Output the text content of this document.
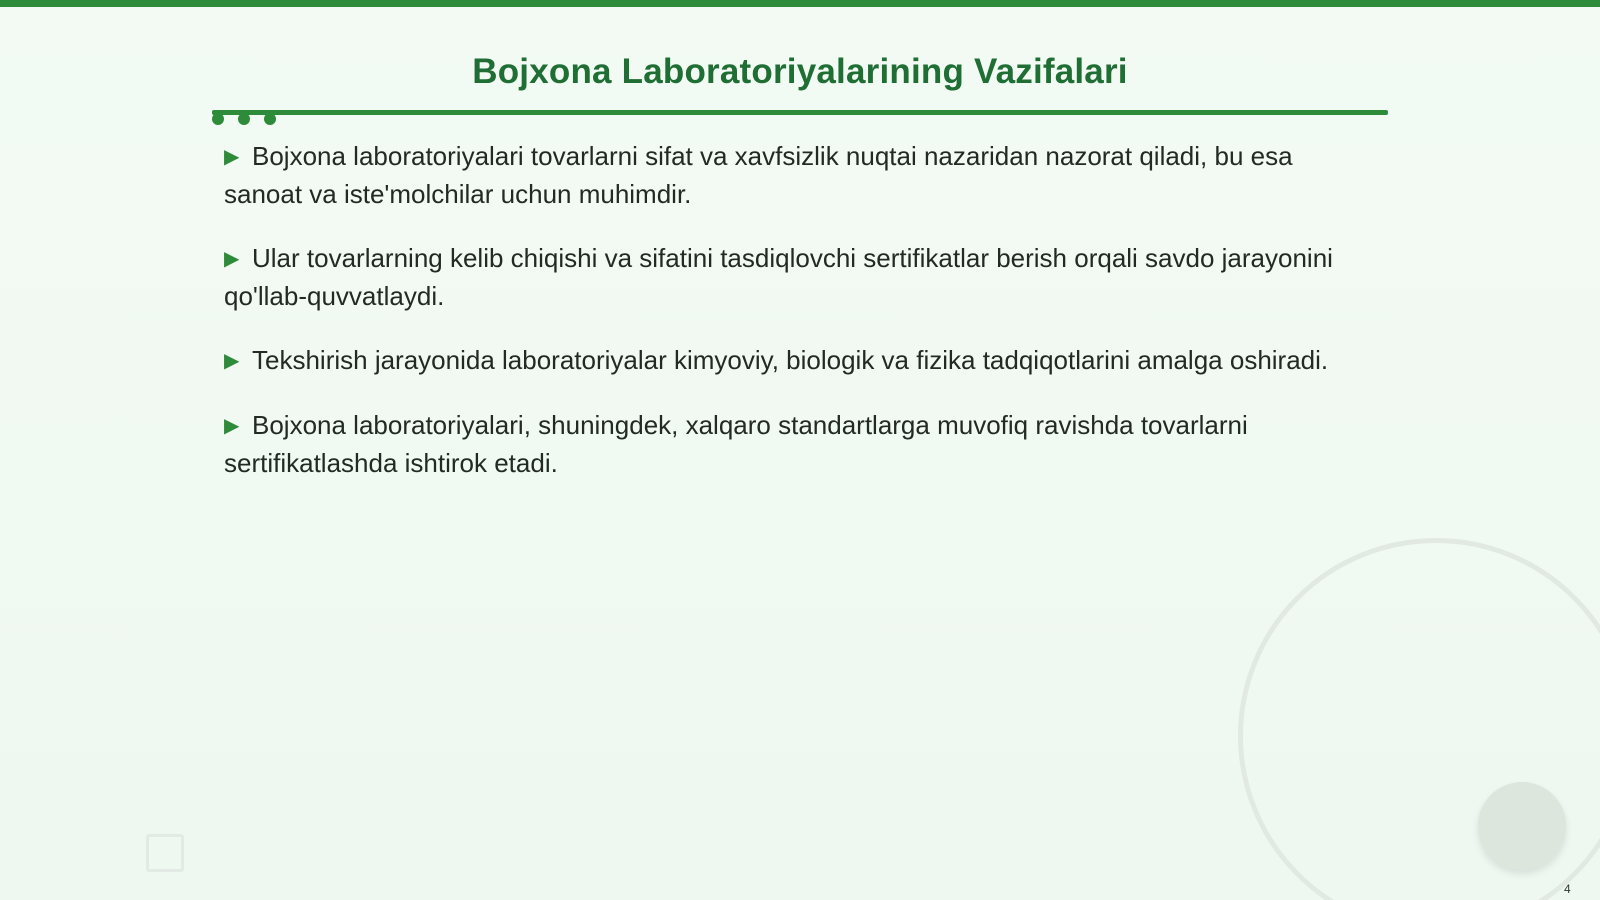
Bojxona Laboratoriyalarining Vazifalari
▶ Bojxona laboratoriyalari tovarlarni sifat va xavfsizlik nuqtai nazaridan nazorat qiladi, bu esa sanoat va iste'molchilar uchun muhimdir.
▶ Ular tovarlarning kelib chiqishi va sifatini tasdiqlovchi sertifikatlar berish orqali savdo jarayonini qo'llab-quvvatlaydi.
▶ Tekshirish jarayonida laboratoriyalar kimyoviy, biologik va fizika tadqiqotlarini amalga oshiradi.
▶ Bojxona laboratoriyalari, shuningdek, xalqaro standartlarga muvofiq ravishda tovarlarni sertifikatlashda ishtirok etadi.
4
